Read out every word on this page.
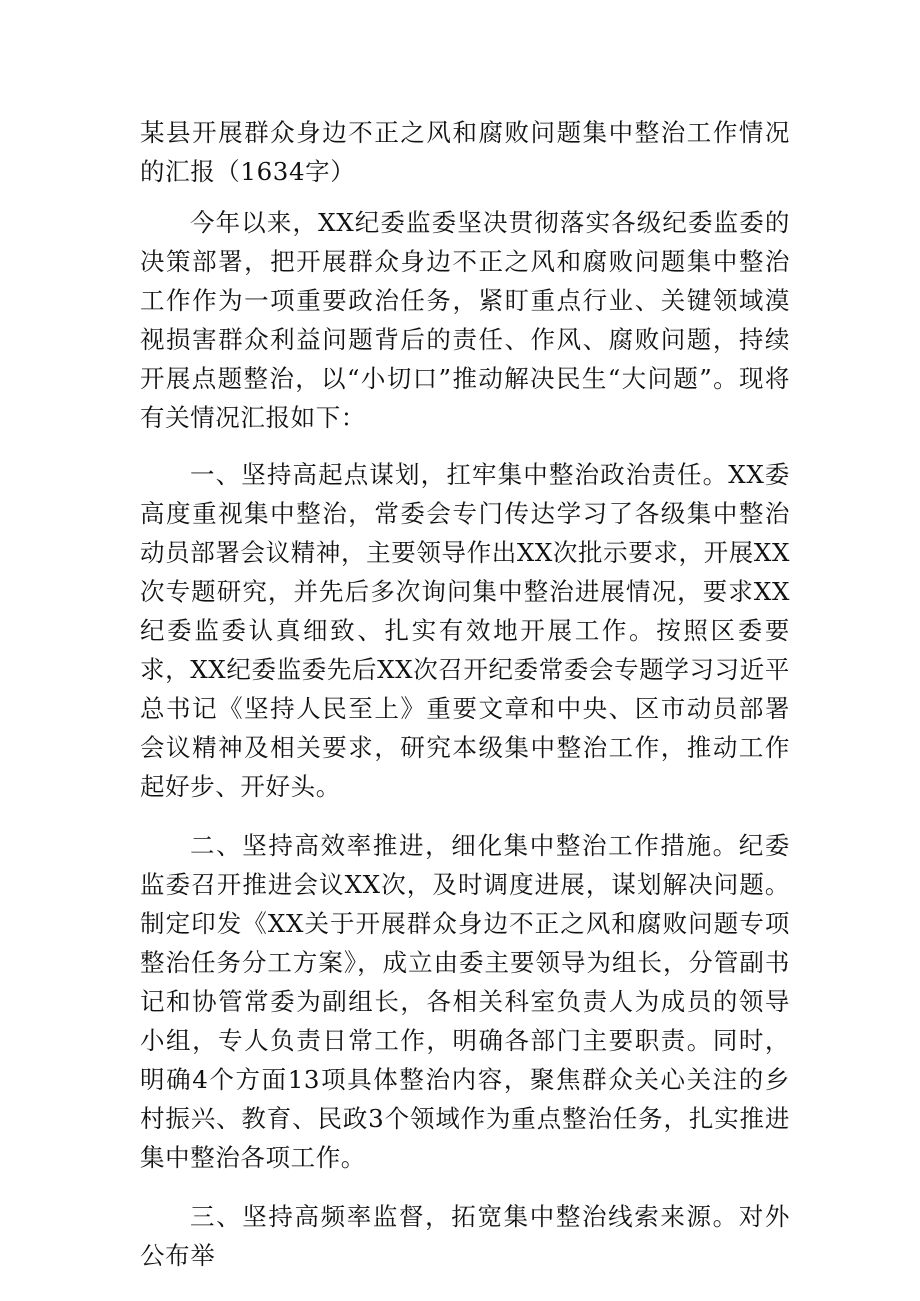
某县开展群众身边不正之风和腐败问题集中整治工作情况的汇报（1634字）

今年以来，XX纪委监委坚决贯彻落实各级纪委监委的决策部署，把开展群众身边不正之风和腐败问题集中整治工作作为一项重要政治任务，紧盯重点行业、关键领域漠视损害群众利益问题背后的责任、作风、腐败问题，持续开展点题整治，以“小切口”推动解决民生“大问题”。现将有关情况汇报如下：

一、坚持高起点谋划，扛牢集中整治政治责任。XX委高度重视集中整治，常委会专门传达学习了各级集中整治动员部署会议精神，主要领导作出XX次批示要求，开展XX次专题研究，并先后多次询问集中整治进展情况，要求XX纪委监委认真细致、扎实有效地开展工作。按照区委要求，XX纪委监委先后XX次召开纪委常委会专题学习习近平总书记《坚持人民至上》重要文章和中央、区市动员部署会议精神及相关要求，研究本级集中整治工作，推动工作起好步、开好头。

二、坚持高效率推进，细化集中整治工作措施。纪委监委召开推进会议XX次，及时调度进展，谋划解决问题。制定印发《XX关于开展群众身边不正之风和腐败问题专项整治任务分工方案》，成立由委主要领导为组长，分管副书记和协管常委为副组长，各相关科室负责人为成员的领导小组，专人负责日常工作，明确各部门主要职责。同时，明确4个方面13项具体整治内容，聚焦群众关心关注的乡村振兴、教育、民政3个领域作为重点整治任务，扎实推进集中整治各项工作。

三、坚持高频率监督，拓宽集中整治线索来源。对外公布举
